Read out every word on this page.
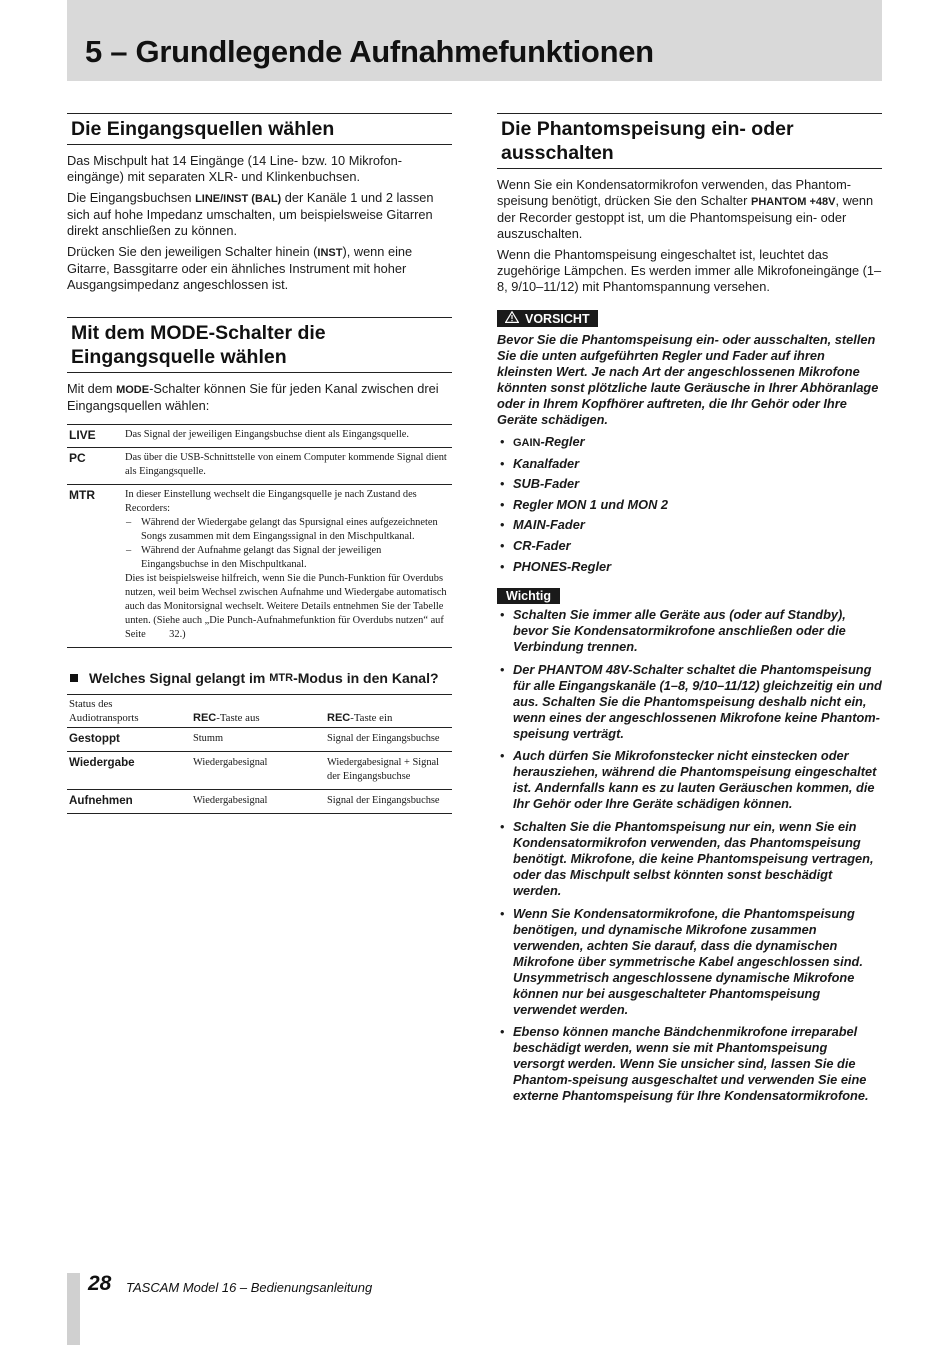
5 – Grundlegende Aufnahmefunktionen
Die Eingangsquellen wählen

Das Mischpult hat 14 Eingänge (14 Line- bzw. 10 Mikrofon-eingänge) mit separaten XLR- und Klinkenbuchsen.

Die Eingangsbuchsen LINE/INST (BAL) der Kanäle 1 und 2 lassen sich auf hohe Impedanz umschalten, um beispielsweise Gitarren direkt anschließen zu können.

Drücken Sie den jeweiligen Schalter hinein (INST), wenn eine Gitarre, Bassgitarre oder ein ähnliches Instrument mit hoher Ausgangsimpedanz angeschlossen ist.

Mit dem MODE-Schalter die Eingangsquelle wählen

Mit dem MODE-Schalter können Sie für jeden Kanal zwischen drei Eingangsquellen wählen:

LIVE	Das Signal der jeweiligen Eingangsbuchse dient als Eingangsquelle.
PC	Das über die USB-Schnittstelle von einem Computer kommende Signal dient als Eingangsquelle.
MTR	In dieser Einstellung wechselt die Eingangsquelle je nach Zustand des Recorders:
– Während der Wiedergabe gelangt das Spursignal eines aufgezeichneten Songs zusammen mit dem Eingangssignal in den Mischpultkanal.
– Während der Aufnahme gelangt das Signal der jeweiligen Eingangsbuchse in den Mischpultkanal.
Dies ist beispielsweise hilfreich, wenn Sie die Punch-Funktion für Overdubs nutzen, weil beim Wechsel zwischen Aufnahme und Wiedergabe automatisch auch das Monitorsignal wechselt. Weitere Details entnehmen Sie der Tabelle unten. (Siehe auch „Die Punch-Aufnahmefunktion für Overdubs nutzen“ auf Seite 32.)
Welches Signal gelangt im
MTR -Modus in den Kanal?
Status des
Audiotransports	REC-Taste aus	REC-Taste ein
Gestoppt	Stumm	Signal der Eingangsbuchse
Wiedergabe	Wiedergabesignal	Wiedergabesignal + Signal der Eingangsbuchse
Aufnehmen	Wiedergabesignal	Signal der Eingangsbuchse
Die Phantomspeisung ein- oder ausschalten

Wenn Sie ein Kondensatormikrofon verwenden, das Phantom-speisung benötigt, drücken Sie den Schalter PHANTOM +48V, wenn der Recorder gestoppt ist, um die Phantomspeisung ein- oder auszuschalten.

Wenn die Phantomspeisung eingeschaltet ist, leuchtet das zugehörige Lämpchen. Es werden immer alle Mikrofoneingänge (1–8, 9/10–11/12) mit Phantomspannung versehen.

VORSICHT

Bevor Sie die Phantomspeisung ein- oder ausschalten, stellen Sie die unten aufgeführten Regler und Fader auf ihren kleinsten Wert. Je nach Art der angeschlossenen Mikrofone könnten sonst plötzliche laute Geräusche in Ihrer Abhöranlage oder in Ihrem Kopfhörer auftreten, die Ihr Gehör oder Ihre Geräte schädigen.

• GAIN-Regler
• Kanalfader
• SUB-Fader
• Regler MON 1 und MON 2
• MAIN-Fader
• CR-Fader
• PHONES-Regler
Wichtig
• Schalten Sie immer alle Geräte aus (oder auf Standby), bevor Sie Kondensatormikrofone anschließen oder die Verbindung trennen.
• Der PHANTOM 48V-Schalter schaltet die Phantomspeisung für alle Eingangskanäle (1–8, 9/10–11/12) gleichzeitig ein und aus. Schalten Sie die Phantomspeisung deshalb nicht ein, wenn eines der angeschlossenen Mikrofone keine Phantom-speisung verträgt.
• Auch dürfen Sie Mikrofonstecker nicht einstecken oder herausziehen, während die Phantomspeisung eingeschaltet ist. Andernfalls kann es zu lauten Geräuschen kommen, die Ihr Gehör oder Ihre Geräte schädigen können.
• Schalten Sie die Phantomspeisung nur ein, wenn Sie ein Kondensatormikrofon verwenden, das Phantomspeisung benötigt. Mikrofone, die keine Phantomspeisung vertragen, oder das Mischpult selbst könnten sonst beschädigt werden.
• Wenn Sie Kondensatormikrofone, die Phantomspeisung benötigen, und dynamische Mikrofone zusammen verwenden, achten Sie darauf, dass die dynamischen Mikrofone über symmetrische Kabel angeschlossen sind. Unsymmetrisch angeschlossene dynamische Mikrofone können nur bei ausgeschalteter Phantomspeisung verwendet werden.
• Ebenso können manche Bändchenmikrofone irreparabel beschädigt werden, wenn sie mit Phantomspeisung versorgt werden. Wenn Sie unsicher sind, lassen Sie die Phantom-speisung ausgeschaltet und verwenden Sie eine externe Phantomspeisung für Ihre Kondensatormikrofone.
28 TASCAM Model 16 – Bedienungsanleitung
